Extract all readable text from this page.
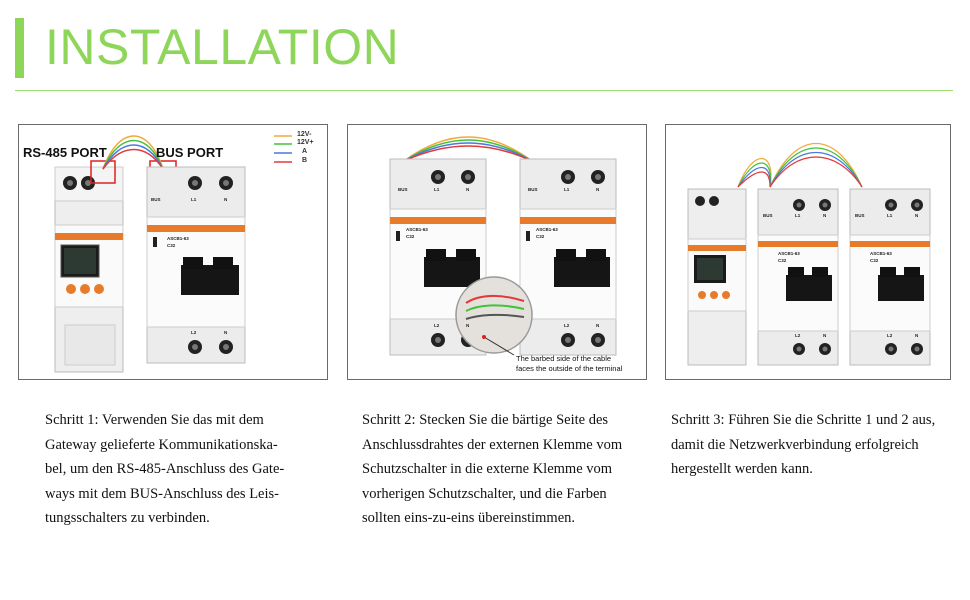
INSTALLATION
RS-485 PORT	BUS PORT
12V-
12V+
A
B
BUS	L1	N
ASCB1-63
C32
L2	N
BUS	L1	N
ASCB1-63
C32
L2	N
BUS	L1	N
ASCB1-63
C32
L2	N
The barbed side of the cable
faces the outside of the terminal
BUS	L1	N
ASCB1-63
C32
L2	N
BUS	L1	N
ASCB1-63
C32
L2	N
Schritt 1: Verwenden Sie das mit dem
Gateway gelieferte Kommunikationska-
bel, um den RS-485-Anschluss des Gate-
ways mit dem BUS-Anschluss des Leis-
tungsschalters zu verbinden.
Schritt 2: Stecken Sie die bärtige Seite des
Anschlussdrahtes der externen Klemme vom
Schutzschalter in die externe Klemme vom
vorherigen Schutzschalter, und die Farben
sollten eins-zu-eins übereinstimmen.
Schritt 3: Führen Sie die Schritte 1 und 2 aus,
damit die Netzwerkverbindung erfolgreich
hergestellt werden kann.
